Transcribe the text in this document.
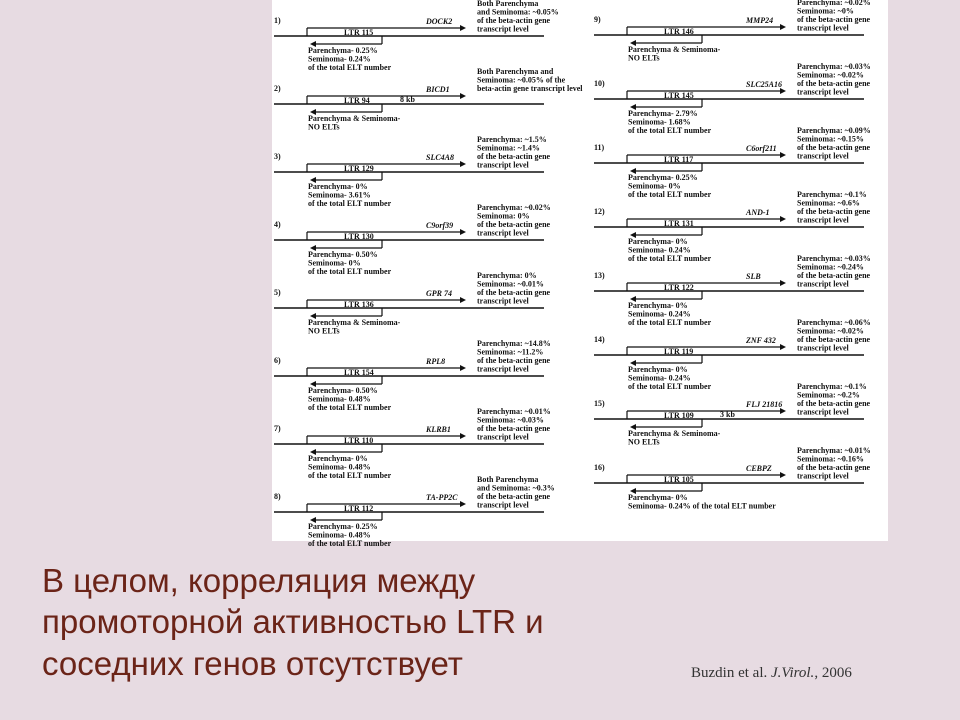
1)	DOCK2
LTR 115
Both Parenchyma
and Seminoma: ~0.05%
of the beta-actin gene
transcript level
Parenchyma- 0.25%
Seminoma- 0.24%
of the total ELT number
2)	BICD1
LTR 94	8 kb
Both Parenchyma and
Seminoma: ~0.05% of the
beta-actin gene transcript level
Parenchyma & Seminoma-
NO ELTs
3)	SLC4A8
LTR 129
Parenchyma: ~1.5%
Seminoma: ~1.4%
of the beta-actin gene
transcript level
Parenchyma- 0%
Seminoma- 3.61%
of the total ELT number
4)	C9orf39
LTR 130
Parenchyma: ~0.02%
Seminoma: 0%
of the beta-actin gene
transcript level
Parenchyma- 0.50%
Seminoma- 0%
of the total ELT number
5)	GPR 74
LTR 136
Parenchyma: 0%
Seminoma: ~0.01%
of the beta-actin gene
transcript level
Parenchyma & Seminoma-
NO ELTs
6)	RPL8
LTR 154
Parenchyma: ~14.8%
Seminoma: ~11.2%
of the beta-actin gene
transcript level
Parenchyma- 0.50%
Seminoma- 0.48%
of the total ELT number
7)	KLRB1
LTR 110
Parenchyma: ~0.01%
Seminoma: ~0.03%
of the beta-actin gene
transcript level
Parenchyma- 0%
Seminoma- 0.48%
of the total ELT number
8)	TA-PP2C
LTR 112
Both Parenchyma
and Seminoma: ~0.3%
of the beta-actin gene
transcript level
Parenchyma- 0.25%
Seminoma- 0.48%
of the total ELT number
9)	MMP24
LTR 146
Parenchyma: ~0.02%
Seminoma: ~0%
of the beta-actin gene
transcript level
Parenchyma & Seminoma-
NO ELTs
10)	SLC25A16
LTR 145
Parenchyma: ~0.03%
Seminoma: ~0.02%
of the beta-actin gene
transcript level
Parenchyma- 2.79%
Seminoma- 1.68%
of the total ELT number
11)	C6orf211
LTR 117
Parenchyma: ~0.09%
Seminoma: ~0.15%
of the beta-actin gene
transcript level
Parenchyma- 0.25%
Seminoma- 0%
of the total ELT number
12)	AND-1
LTR 131
Parenchyma: ~0.1%
Seminoma: ~0.6%
of the beta-actin gene
transcript level
Parenchyma- 0%
Seminoma- 0.24%
of the total ELT number
13)	SLB
LTR 122
Parenchyma: ~0.03%
Seminoma: ~0.24%
of the beta-actin gene
transcript level
Parenchyma- 0%
Seminoma- 0.24%
of the total ELT number
14)	ZNF 432
LTR 119
Parenchyma: ~0.06%
Seminoma: ~0.02%
of the beta-actin gene
transcript level
Parenchyma- 0%
Seminoma- 0.24%
of the total ELT number
15)	FLJ 21816
LTR 109	3 kb
Parenchyma: ~0.1%
Seminoma: ~0.2%
of the beta-actin gene
transcript level
Parenchyma & Seminoma-
NO ELTs
16)	CEBPZ
LTR 105
Parenchyma: ~0.01%
Seminoma: ~0.16%
of the beta-actin gene
transcript level
Parenchyma- 0%
Seminoma- 0.24% of the total ELT number
В целом, корреляция между
промоторной активностью LTR и
соседних генов отсутствует	Buzdin et al. J.Virol., 2006
